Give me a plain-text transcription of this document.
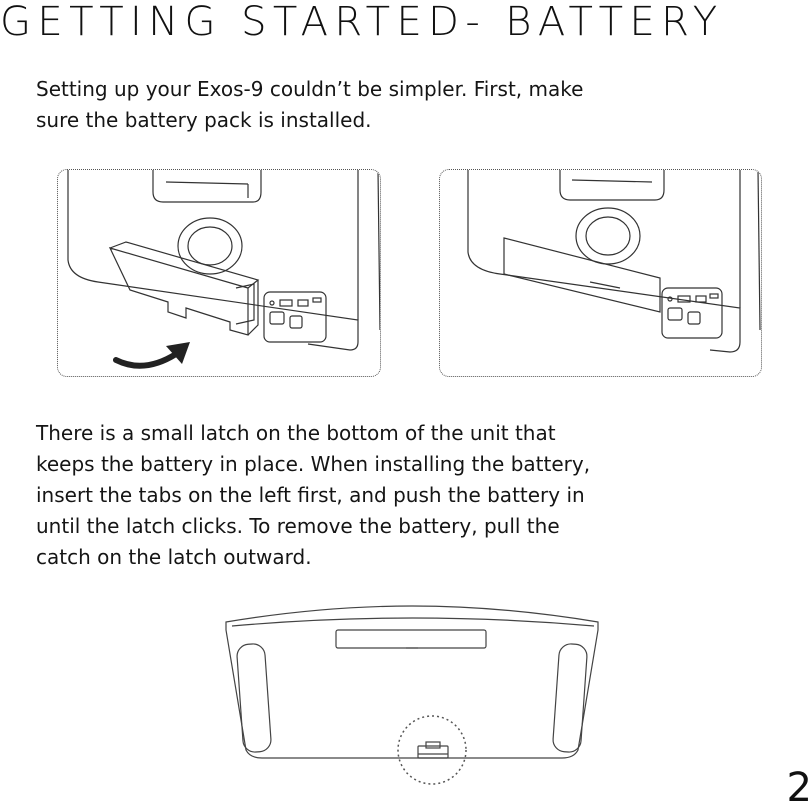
GETTING STARTED- BATTERY

Setting up your Exos-9 couldn’t be simpler. First, make

sure the battery pack is installed.

There is a small latch on the bottom of the unit that

keeps the battery in place. When installing the battery,

insert the tabs on the left first, and push the battery in

until the latch clicks. To remove the battery, pull the

catch on the latch outward.

2
